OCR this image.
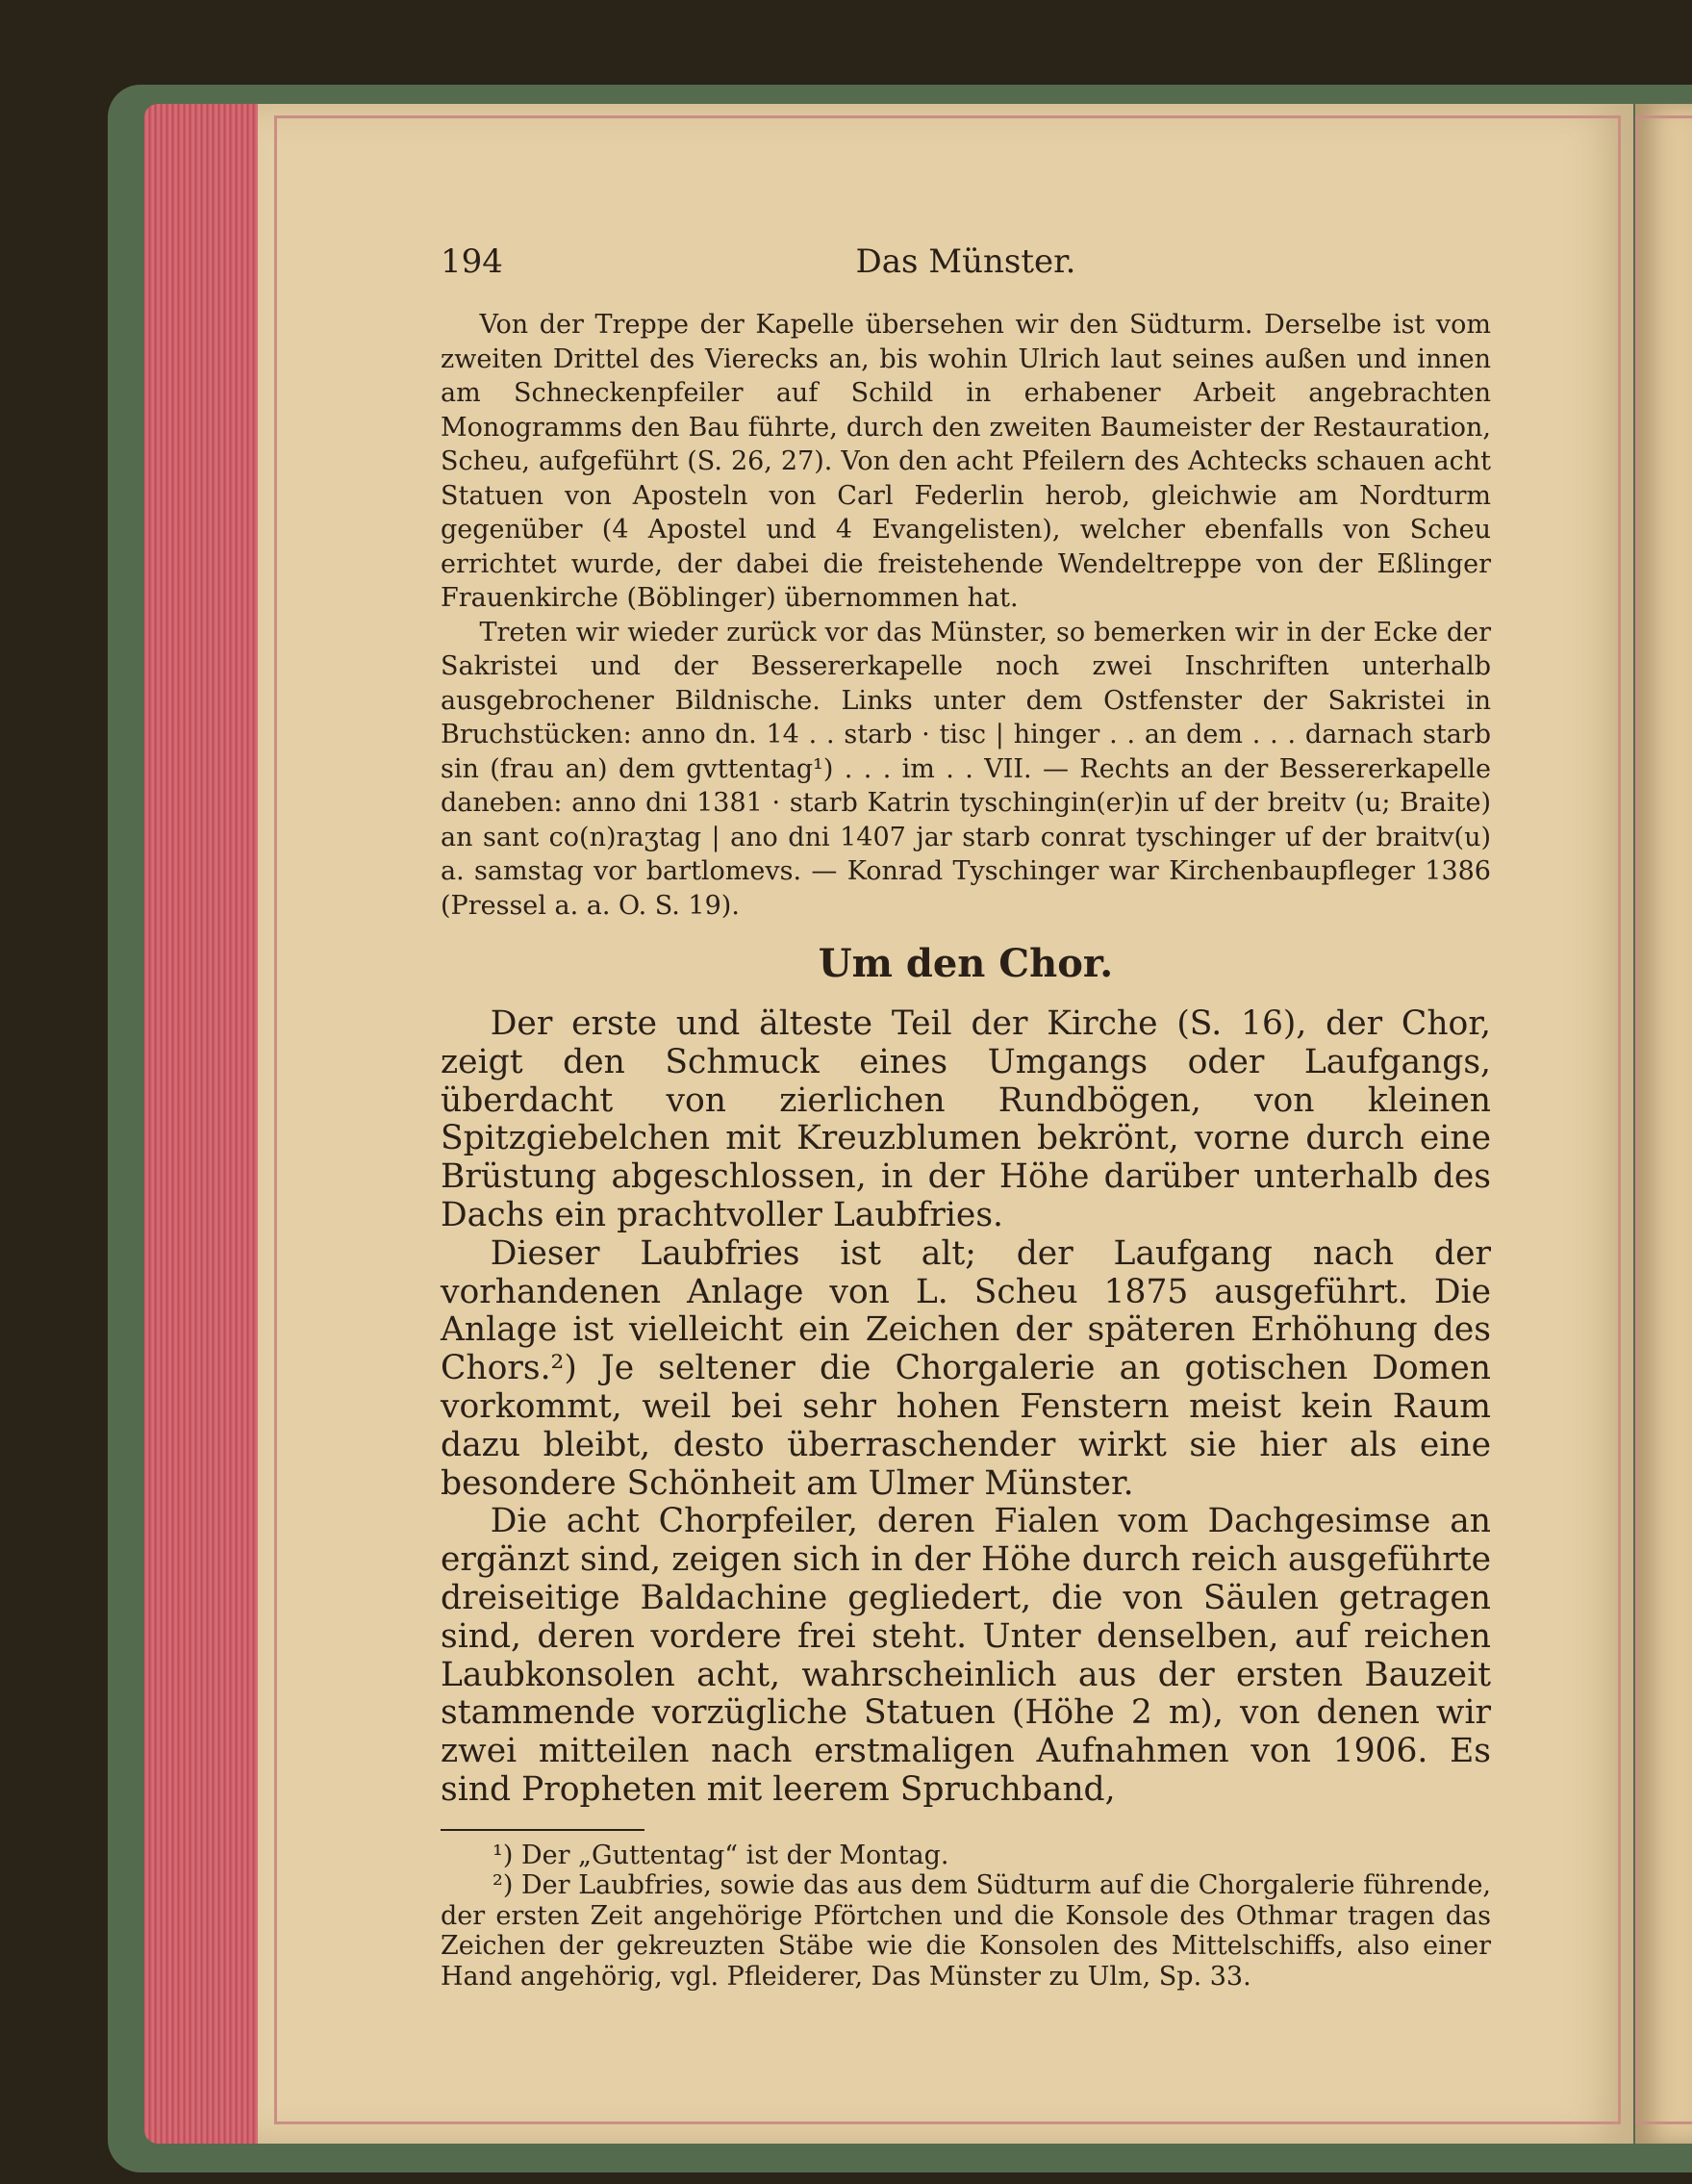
194	Das Münster.

Von der Treppe der Kapelle übersehen wir den Südturm. Derselbe ist vom zweiten Drittel des Vierecks an, bis wohin Ulrich laut seines außen und innen am Schneckenpfeiler auf Schild in erhabener Arbeit angebrachten Monogramms den Bau führte, durch den zweiten Baumeister der Restauration, Scheu, aufgeführt (S. 26, 27). Von den acht Pfeilern des Achtecks schauen acht Statuen von Aposteln von Carl Federlin herob, gleichwie am Nordturm gegenüber (4 Apostel und 4 Evangelisten), welcher ebenfalls von Scheu errichtet wurde, der dabei die freistehende Wendeltreppe von der Eßlinger Frauenkirche (Böblinger) übernommen hat.

Treten wir wieder zurück vor das Münster, so bemerken wir in der Ecke der Sakristei und der Bessererkapelle noch zwei Inschriften unterhalb ausgebrochener Bildnische. Links unter dem Ostfenster der Sakristei in Bruchstücken: anno dn. 14 . . starb · tisc | hinger . . an dem . . . darnach starb sin (frau an) dem gvttentag¹) . . . im . . VII. — Rechts an der Bessererkapelle daneben: anno dni 1381 · starb Katrin tyschingin(er)in uf der breitv (u; Braite) an sant co(n)raʒtag | ano dni 1407 jar starb conrat tyschinger uf der braitv(u) a. samstag vor bartlomevs. — Konrad Tyschinger war Kirchenbaupfleger 1386 (Pressel a. a. O. S. 19).

Um den Chor.

Der erste und älteste Teil der Kirche (S. 16), der Chor, zeigt den Schmuck eines Umgangs oder Laufgangs, überdacht von zierlichen Rundbögen, von kleinen Spitzgiebelchen mit Kreuzblumen bekrönt, vorne durch eine Brüstung abgeschlossen, in der Höhe darüber unterhalb des Dachs ein prachtvoller Laubfries.

Dieser Laubfries ist alt; der Laufgang nach der vorhandenen Anlage von L. Scheu 1875 ausgeführt. Die Anlage ist vielleicht ein Zeichen der späteren Erhöhung des Chors.²) Je seltener die Chorgalerie an gotischen Domen vorkommt, weil bei sehr hohen Fenstern meist kein Raum dazu bleibt, desto überraschender wirkt sie hier als eine besondere Schönheit am Ulmer Münster.

Die acht Chorpfeiler, deren Fialen vom Dachgesimse an ergänzt sind, zeigen sich in der Höhe durch reich ausgeführte dreiseitige Baldachine gegliedert, die von Säulen getragen sind, deren vordere frei steht. Unter denselben, auf reichen Laubkonsolen acht, wahrscheinlich aus der ersten Bauzeit stammende vorzügliche Statuen (Höhe 2 m), von denen wir zwei mitteilen nach erstmaligen Aufnahmen von 1906. Es sind Propheten mit leerem Spruchband,

¹) Der „Guttentag“ ist der Montag.

²) Der Laubfries, sowie das aus dem Südturm auf die Chorgalerie führende, der ersten Zeit angehörige Pförtchen und die Konsole des Othmar tragen das Zeichen der gekreuzten Stäbe wie die Konsolen des Mittelschiffs, also einer Hand angehörig, vgl. Pfleiderer, Das Münster zu Ulm, Sp. 33.
